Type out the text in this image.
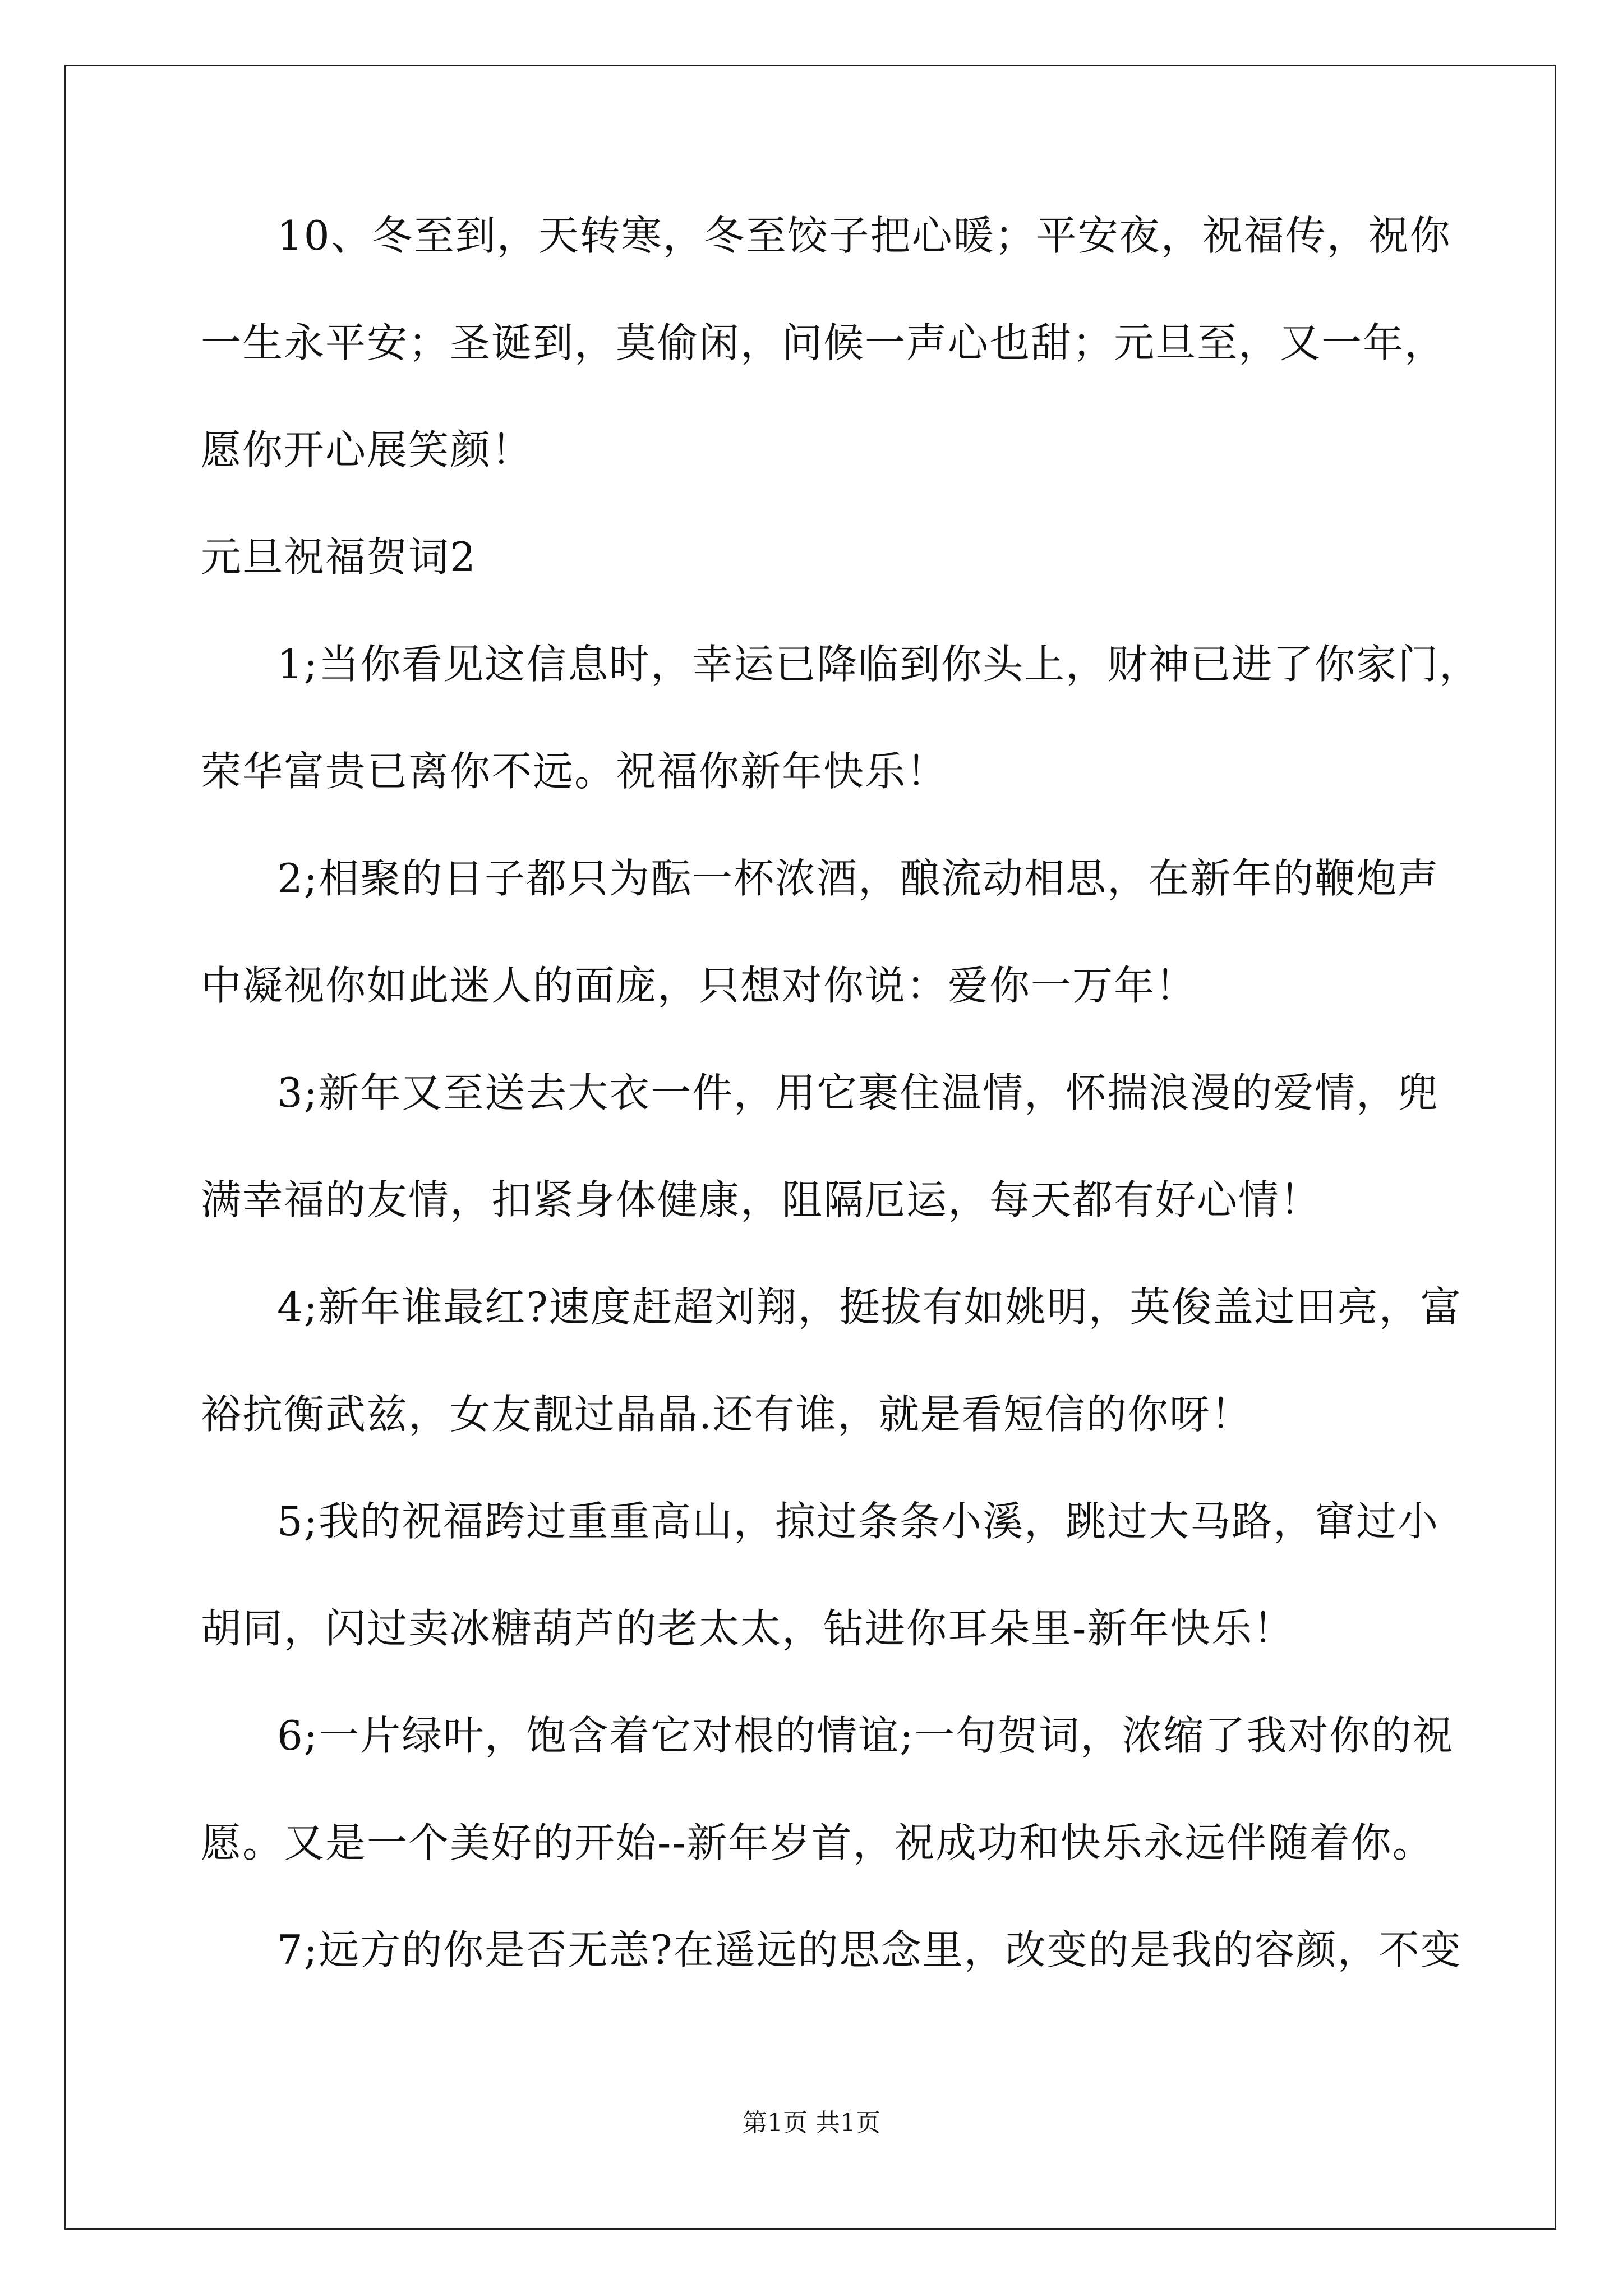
10、冬至到，天转寒，冬至饺子把心暖；平安夜，祝福传，祝你
一生永平安；圣诞到，莫偷闲，问候一声心也甜；元旦至，又一年，
愿你开心展笑颜！
元旦祝福贺词2
1;当你看见这信息时，幸运已降临到你头上，财神已进了你家门，
荣华富贵已离你不远。祝福你新年快乐！
2;相聚的日子都只为酝一杯浓酒，酿流动相思，在新年的鞭炮声
中凝视你如此迷人的面庞，只想对你说：爱你一万年！
3;新年又至送去大衣一件，用它裹住温情，怀揣浪漫的爱情，兜
满幸福的友情，扣紧身体健康，阻隔厄运，每天都有好心情！
4;新年谁最红?速度赶超刘翔，挺拔有如姚明，英俊盖过田亮，富
裕抗衡武兹，女友靓过晶晶.还有谁，就是看短信的你呀！
5;我的祝福跨过重重高山，掠过条条小溪，跳过大马路，窜过小
胡同，闪过卖冰糖葫芦的老太太，钻进你耳朵里-新年快乐！
6;一片绿叶，饱含着它对根的情谊;一句贺词，浓缩了我对你的祝
愿。又是一个美好的开始--新年岁首，祝成功和快乐永远伴随着你。
7;远方的你是否无恙?在遥远的思念里，改变的是我的容颜，不变
第1页 共1页
